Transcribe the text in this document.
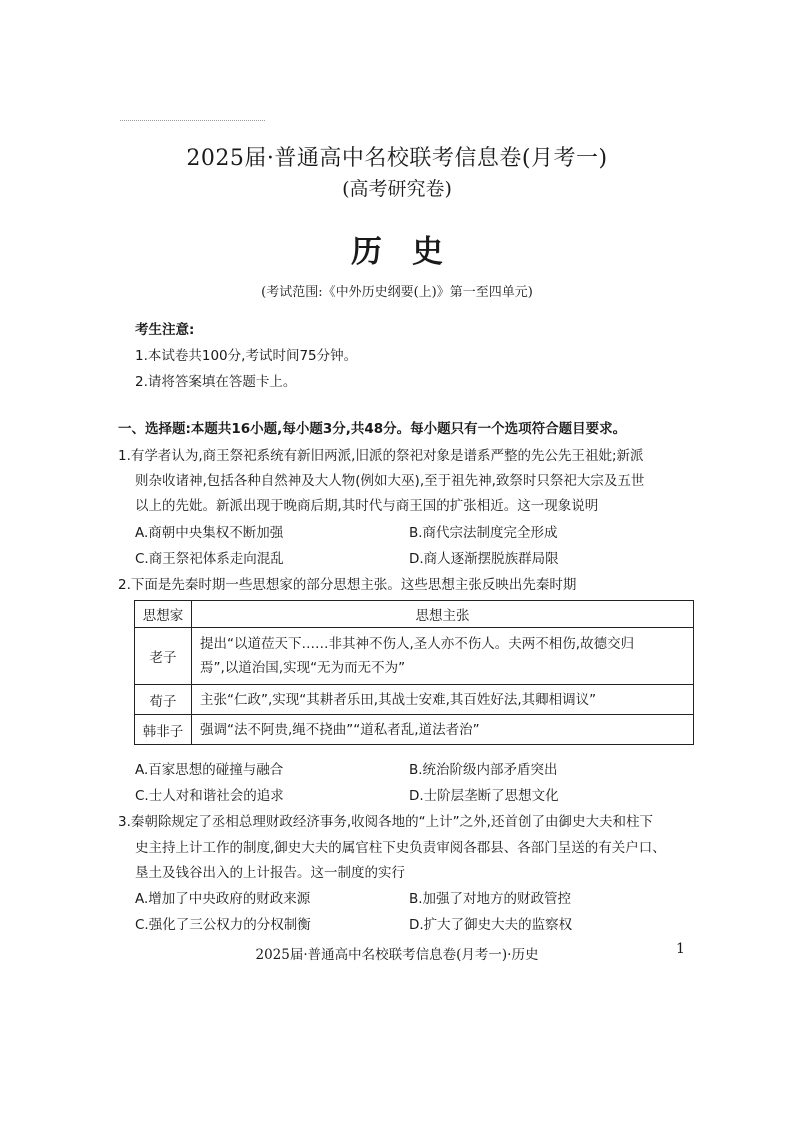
2025届·普通高中名校联考信息卷(月考一)
(高考研究卷)
历史
(考试范围:《中外历史纲要(上)》第一至四单元)
考生注意:
1.本试卷共100分,考试时间75分钟。
2.请将答案填在答题卡上。
一、选择题:本题共16小题,每小题3分,共48分。每小题只有一个选项符合题目要求。
1.有学者认为,商王祭祀系统有新旧两派,旧派的祭祀对象是谱系严整的先公先王祖妣;新派
则杂收诸神,包括各种自然神及大人物(例如大巫),至于祖先神,致祭时只祭祀大宗及五世
以上的先妣。新派出现于晚商后期,其时代与商王国的扩张相近。这一现象说明
A.商朝中央集权不断加强	B.商代宗法制度完全形成
C.商王祭祀体系走向混乱	D.商人逐渐摆脱族群局限
2.下面是先秦时期一些思想家的部分思想主张。这些思想主张反映出先秦时期
思想家	思想主张
老子	提出“以道莅天下……非其神不伤人,圣人亦不伤人。夫两不相伤,故德交归
焉”,以道治国,实现“无为而无不为”

荀子	主张“仁政”,实现“其耕者乐田,其战士安难,其百姓好法,其卿相调议”

韩非子	强调“法不阿贵,绳不挠曲”“道私者乱,道法者治”
A.百家思想的碰撞与融合	B.统治阶级内部矛盾突出
C.士人对和谐社会的追求	D.士阶层垄断了思想文化
3.秦朝除规定了丞相总理财政经济事务,收阅各地的“上计”之外,还首创了由御史大夫和柱下
史主持上计工作的制度,御史大夫的属官柱下史负责审阅各郡县、各部门呈送的有关户口、
垦土及钱谷出入的上计报告。这一制度的实行
A.增加了中央政府的财政来源	B.加强了对地方的财政管控
C.强化了三公权力的分权制衡	D.扩大了御史大夫的监察权
2025届·普通高中名校联考信息卷(月考一)·历史	1
